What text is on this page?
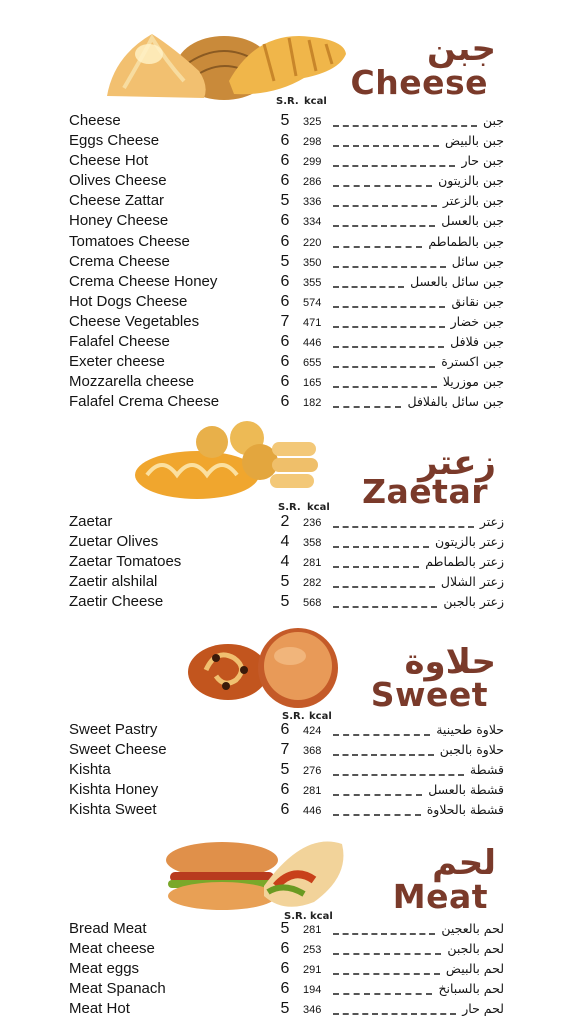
جبن
Cheese
S.R. kcal
Cheese	5 325	جبن
Eggs Cheese	6 298	جبن بالبيض
Cheese Hot	6 299	جبن حار
Olives Cheese	6 286	جبن بالزيتون
Cheese Zattar	5 336	جبن بالزعتر
Honey Cheese	6 334	جبن بالعسل
Tomatoes Cheese	6 220	جبن بالطماطم
Crema Cheese	5 350	جبن سائل
Crema Cheese Honey	6 355	جبن سائل بالعسل
Hot Dogs Cheese	6 574	جبن نقانق
Cheese Vegetables	7 471	جبن خضار
Falafel Cheese	6 446	جبن فلافل
Exeter cheese	6 655	جبن اكسترة
Mozzarella cheese	6 165	جبن موزريلا
Falafel Crema Cheese	6 182	جبن سائل بالفلافل
زعتر
Zaetar
S.R. kcal
Zaetar	2 236	زعتر
Zuetar Olives	4 358	زعتر بالزيتون
Zaetar Tomatoes	4 281	زعتر بالطماطم
Zaetir alshilal	5 282	زعتر الشلال
Zaetir Cheese	5 568	زعتر بالجبن
حلاوة
Sweet
S.R. kcal
Sweet Pastry	6 424	حلاوة طحينية
Sweet Cheese	7 368	حلاوة بالجبن
Kishta	5 276	قشطة
Kishta Honey	6 281	قشطة بالعسل
Kishta Sweet	6 446	قشطة بالحلاوة
لحم
Meat
S.R. kcal
Bread Meat	5 281	لحم بالعجين
Meat cheese	6 253	لحم بالجبن
Meat eggs	6 291	لحم بالبيض
Meat Spanach	6 194	لحم بالسبانخ
Meat Hot	5 346	لحم حار
